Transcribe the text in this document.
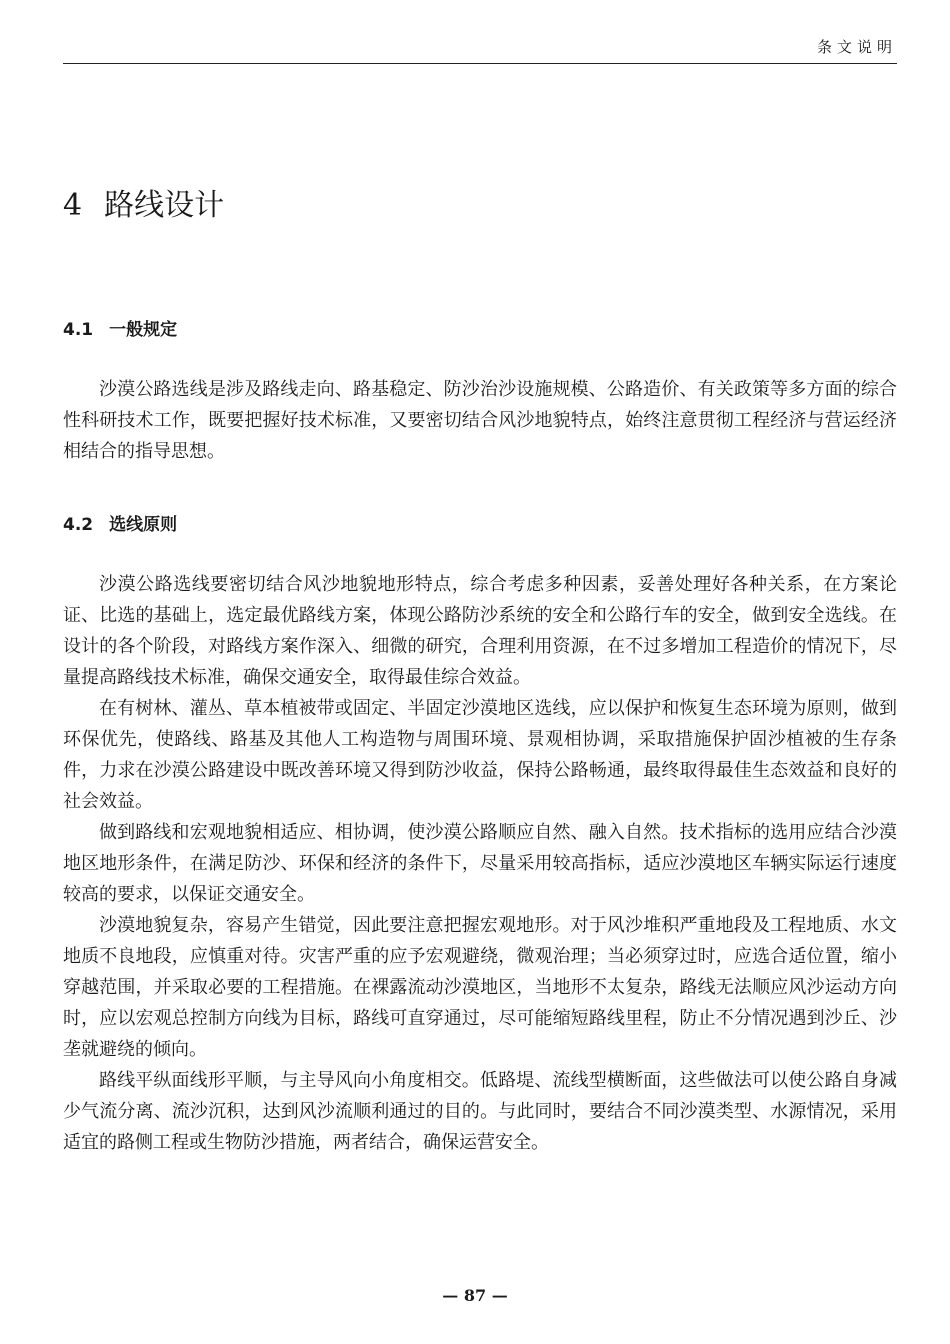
条文说明
4 路线设计
4.1 一般规定

沙漠公路选线是涉及路线走向、路基稳定、防沙治沙设施规模、公路造价、有关政策等多方面的综合性科研技术工作，既要把握好技术标准，又要密切结合风沙地貌特点，始终注意贯彻工程经济与营运经济相结合的指导思想。

4.2 选线原则

沙漠公路选线要密切结合风沙地貌地形特点，综合考虑多种因素，妥善处理好各种关系，在方案论证、比选的基础上，选定最优路线方案，体现公路防沙系统的安全和公路行车的安全，做到安全选线。在设计的各个阶段，对路线方案作深入、细微的研究，合理利用资源，在不过多增加工程造价的情况下，尽量提高路线技术标准，确保交通安全，取得最佳综合效益。

在有树林、灌丛、草本植被带或固定、半固定沙漠地区选线，应以保护和恢复生态环境为原则，做到环保优先，使路线、路基及其他人工构造物与周围环境、景观相协调，采取措施保护固沙植被的生存条件，力求在沙漠公路建设中既改善环境又得到防沙收益，保持公路畅通，最终取得最佳生态效益和良好的社会效益。

做到路线和宏观地貌相适应、相协调，使沙漠公路顺应自然、融入自然。技术指标的选用应结合沙漠地区地形条件，在满足防沙、环保和经济的条件下，尽量采用较高指标，适应沙漠地区车辆实际运行速度较高的要求，以保证交通安全。

沙漠地貌复杂，容易产生错觉，因此要注意把握宏观地形。对于风沙堆积严重地段及工程地质、水文地质不良地段，应慎重对待。灾害严重的应予宏观避绕，微观治理；当必须穿过时，应选合适位置，缩小穿越范围，并采取必要的工程措施。在裸露流动沙漠地区，当地形不太复杂，路线无法顺应风沙运动方向时，应以宏观总控制方向线为目标，路线可直穿通过，尽可能缩短路线里程，防止不分情况遇到沙丘、沙垄就避绕的倾向。

路线平纵面线形平顺，与主导风向小角度相交。低路堤、流线型横断面，这些做法可以使公路自身减少气流分离、流沙沉积，达到风沙流顺利通过的目的。与此同时，要结合不同沙漠类型、水源情况，采用适宜的路侧工程或生物防沙措施，两者结合，确保运营安全。

— 87 —
